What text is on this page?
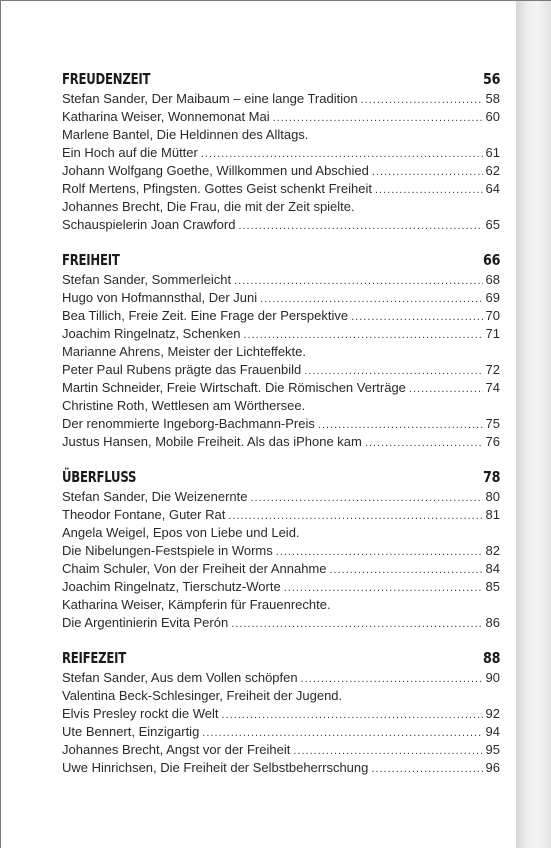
FREUDENZEIT	56
Stefan Sander, Der Maibaum – eine lange Tradition .....	58
Katharina Weiser, Wonnemonat Mai .....	60
Marlene Bantel, Die Heldinnen des Alltags.
Ein Hoch auf die Mütter .....	61
Johann Wolfgang Goethe, Willkommen und Abschied .....	62
Rolf Mertens, Pfingsten. Gottes Geist schenkt Freiheit .....	64
Johannes Brecht, Die Frau, die mit der Zeit spielte.
Schauspielerin Joan Crawford .....	65
FREIHEIT	66
Stefan Sander, Sommerleicht .....	68
Hugo von Hofmannsthal, Der Juni .....	69
Bea Tillich, Freie Zeit. Eine Frage der Perspektive .....	70
Joachim Ringelnatz, Schenken .....	71
Marianne Ahrens, Meister der Lichteffekte.
Peter Paul Rubens prägte das Frauenbild .....	72
Martin Schneider, Freie Wirtschaft. Die Römischen Verträge .....	74
Christine Roth, Wettlesen am Wörthersee.
Der renommierte Ingeborg-Bachmann-Preis .....	75
Justus Hansen, Mobile Freiheit. Als das iPhone kam .....	76
ÜBERFLUSS	78
Stefan Sander, Die Weizenernte .....	80
Theodor Fontane, Guter Rat .....	81
Angela Weigel, Epos von Liebe und Leid.
Die Nibelungen-Festspiele in Worms .....	82
Chaim Schuler, Von der Freiheit der Annahme .....	84
Joachim Ringelnatz, Tierschutz-Worte .....	85
Katharina Weiser, Kämpferin für Frauenrechte.
Die Argentinierin Evita Perón .....	86
REIFEZEIT	88
Stefan Sander, Aus dem Vollen schöpfen .....	90
Valentina Beck-Schlesinger, Freiheit der Jugend.
Elvis Presley rockt die Welt .....	92
Ute Bennert, Einzigartig .....	94
Johannes Brecht, Angst vor der Freiheit .....	95
Uwe Hinrichsen, Die Freiheit der Selbstbeherrschung .....	96
